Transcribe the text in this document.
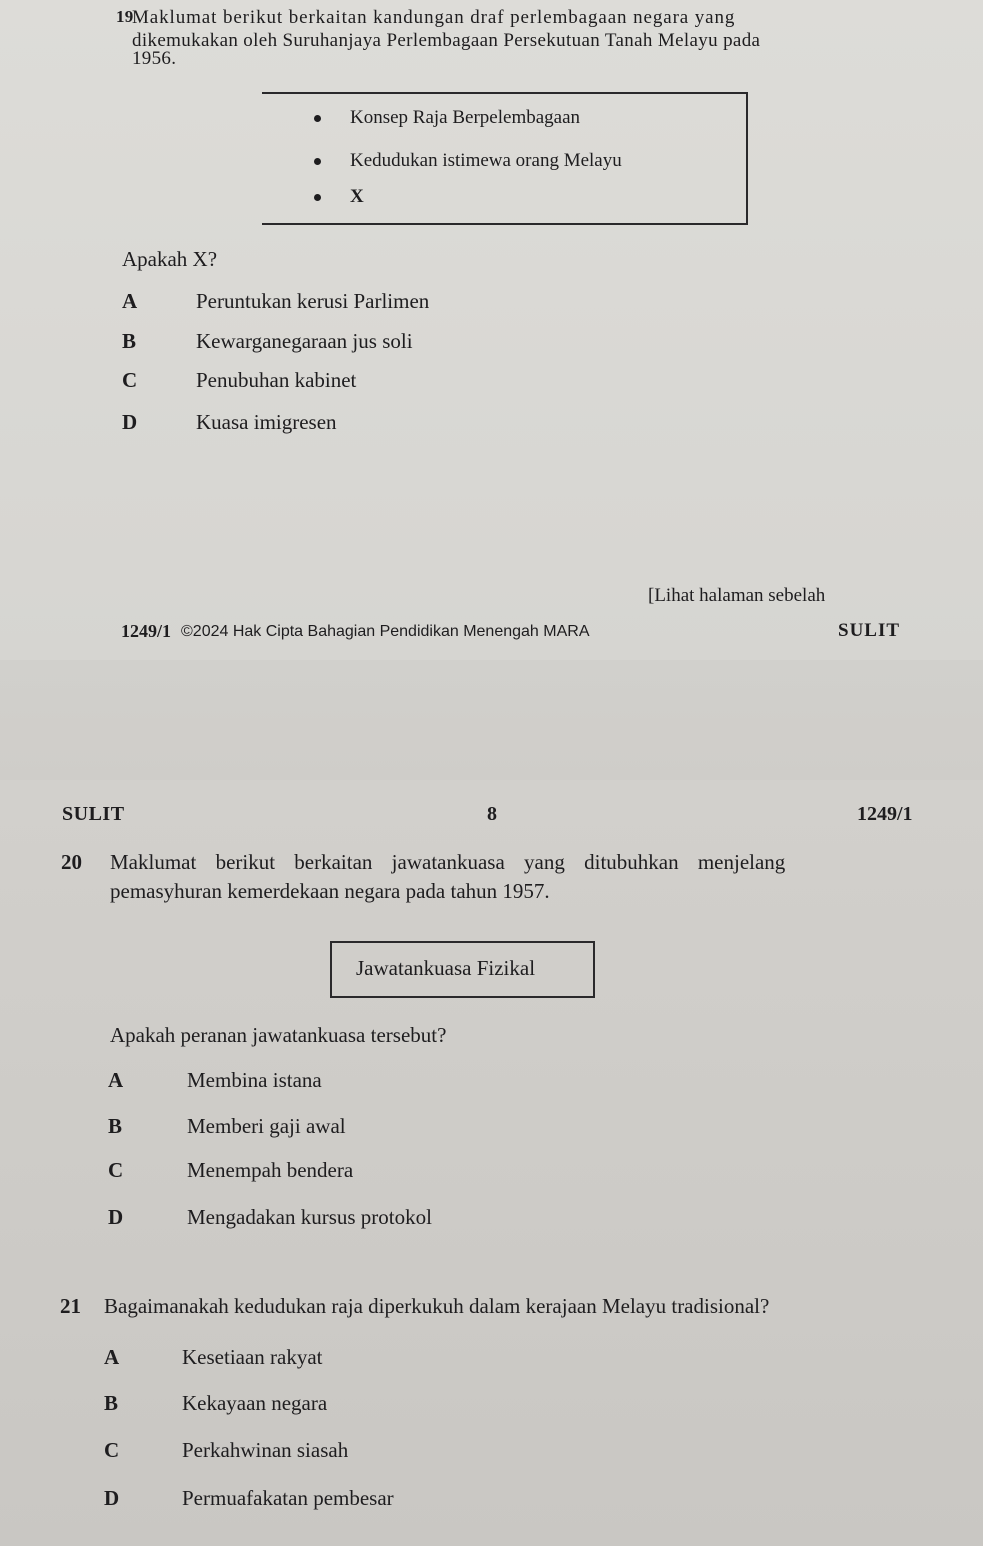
19
Maklumat berikut berkaitan kandungan draf perlembagaan negara yang
dikemukakan oleh Suruhanjaya Perlembagaan Persekutuan Tanah Melayu pada
1956.
Konsep Raja Berpelembagaan
Kedudukan istimewa orang Melayu
X
Apakah X?
A	Peruntukan kerusi Parlimen
B	Kewarganegaraan jus soli
C	Penubuhan kabinet
D	Kuasa imigresen
[Lihat halaman sebelah
1249/1 ©2024 Hak Cipta Bahagian Pendidikan Menengah MARA	SULIT
SULIT	8	1249/1
20 Maklumat berikut berkaitan jawatankuasa yang ditubuhkan menjelang
pemasyhuran kemerdekaan negara pada tahun 1957.
Jawatankuasa Fizikal
Apakah peranan jawatankuasa tersebut?
A	Membina istana
B	Memberi gaji awal
C	Menempah bendera
D	Mengadakan kursus protokol
21 Bagaimanakah kedudukan raja diperkukuh dalam kerajaan Melayu tradisional?
A	Kesetiaan rakyat
B	Kekayaan negara
C	Perkahwinan siasah
D	Permuafakatan pembesar
